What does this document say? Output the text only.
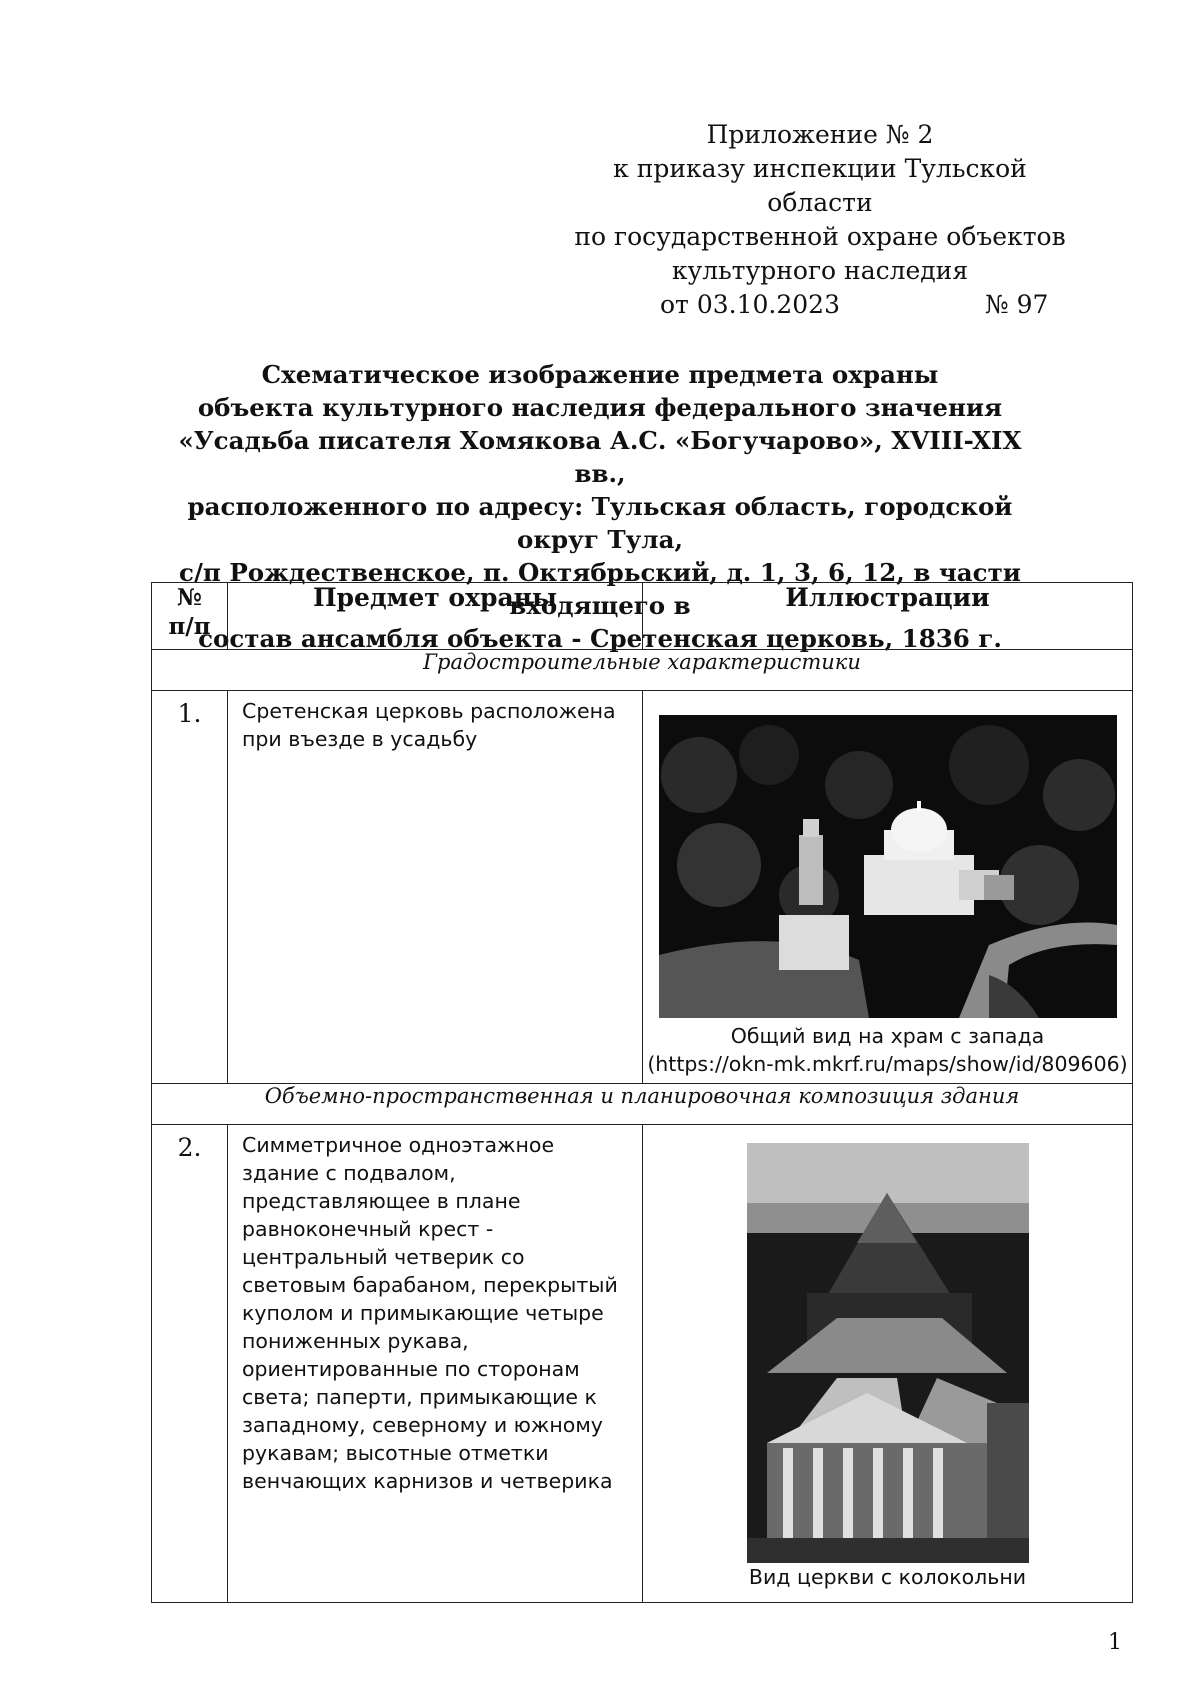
Приложение № 2
к приказу инспекции Тульской области
по государственной охране объектов
культурного наследия
от 03.10.2023	№ 97
Схематическое изображение предмета охраны
объекта культурного наследия федерального значения
«Усадьба писателя Хомякова А.С. «Богучарово», XVIII-XIX вв.,
расположенного по адресу: Тульская область, городской округ Тула,
с/п Рождественское, п. Октябрьский, д. 1, 3, 6, 12, в части входящего в
состав ансамбля объекта - Сретенская церковь, 1836 г.
№
п/п	Предмет охраны	Иллюстрации
Градостроительные характеристики		
1.	Сретенская церковь расположена при въезде в усадьбу	Общий вид на храм с запада
(https://okn-mk.mkrf.ru/maps/show/id/809606)

Объемно-пространственная и планировочная композиция здания		
2.	Симметричное одноэтажное здание с подвалом, представляющее в плане равноконечный крест - центральный четверик со световым барабаном, перекрытый куполом и примыкающие четыре пониженных рукава, ориентированные по сторонам света; паперти, примыкающие к западному, северному и южному рукавам; высотные отметки венчающих карнизов и четверика	Вид церкви с колокольни
1
